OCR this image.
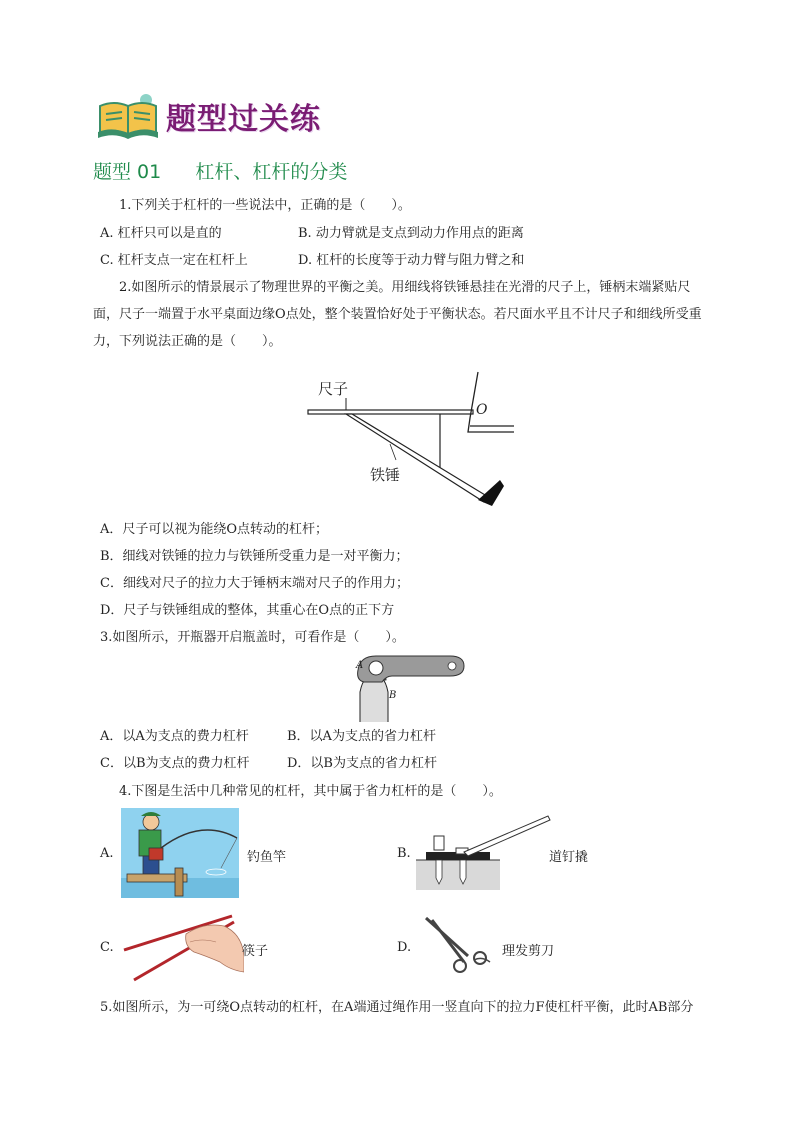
题型过关练
题型 01 杠杆、杠杆的分类
1.下列关于杠杆的一些说法中，正确的是（　　）。
A. 杠杆只可以是直的	B. 动力臂就是支点到动力作用点的距离
C. 杠杆支点一定在杠杆上	D. 杠杆的长度等于动力臂与阻力臂之和
2.如图所示的情景展示了物理世界的平衡之美。用细线将铁锤悬挂在光滑的尺子上，锤柄末端紧贴尺面，尺子一端置于水平桌面边缘O点处，整个装置恰好处于平衡状态。若尺面水平且不计尺子和细线所受重力，下列说法正确的是（　　）。
尺子
铁锤
O
A．尺子可以视为能绕O点转动的杠杆；
B．细线对铁锤的拉力与铁锤所受重力是一对平衡力；
C．细线对尺子的拉力大于锤柄末端对尺子的作用力；
D．尺子与铁锤组成的整体，其重心在O点的正下方
3.如图所示，开瓶器开启瓶盖时，可看作是（　　）。
A
B
A．以A为支点的费力杠杆	B．以A为支点的省力杠杆
C．以B为支点的费力杠杆	D．以B为支点的省力杠杆
4.下图是生活中几种常见的杠杆，其中属于省力杠杆的是（　　）。
A.	钓鱼竿	B.	道钉撬
C.	筷子	D.	理发剪刀
5.如图所示，为一可绕O点转动的杠杆，在A端通过绳作用一竖直向下的拉力F使杠杆平衡，此时AB部分
